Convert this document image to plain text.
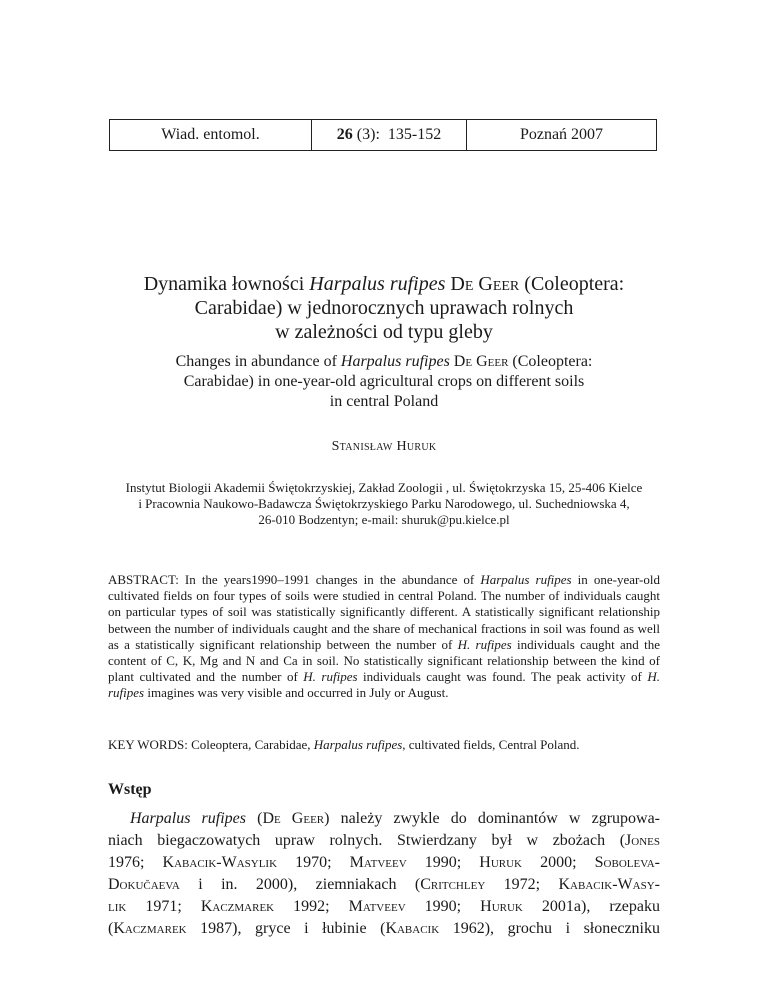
Wiad. entomol.	26 (3):  135-152	Poznań 2007
Dynamika łowności Harpalus rufipes De Geer (Coleoptera:
Carabidae) w jednorocznych uprawach rolnych
w zależności od typu gleby
Changes in abundance of Harpalus rufipes De Geer (Coleoptera:
Carabidae) in one-year-old agricultural crops on different soils
in central Poland
Stanisław Huruk
Instytut Biologii Akademii Świętokrzyskiej, Zakład Zoologii , ul. Świętokrzyska 15, 25-406 Kielce
i Pracownia Naukowo-Badawcza Świętokrzyskiego Parku Narodowego, ul. Suchedniowska 4,
26-010 Bodzentyn; e-mail: shuruk@pu.kielce.pl
ABSTRACT: In the years1990–1991 changes in the abundance of Harpalus rufipes in one-year-old cultivated fields on four types of soils were studied in central Poland. The number of individuals caught on particular types of soil was statistically significantly different. A statistically significant relationship between the number of individuals caught and the share of mechanical fractions in soil was found as well as a statistically significant relationship between the number of H. rufipes individuals caught and the content of C, K, Mg and N and Ca in soil. No statistically significant relationship between the kind of plant cultivated and the number of H. rufipes individuals caught was found. The peak activity of H. rufipes imagines was very visible and occurred in July or August.
KEY WORDS: Coleoptera, Carabidae, Harpalus rufipes, cultivated fields, Central Poland.
Wstęp
Harpalus rufipes (De Geer) należy zwykle do dominantów w zgrupowa-
niach biegaczowatych upraw rolnych. Stwierdzany był w zbożach (Jones
1976; Kabacik-Wasylik 1970; Matveev 1990; Huruk 2000; Soboleva-
Dokučaeva i in. 2000), ziemniakach (Critchley 1972; Kabacik-Wasy-
lik 1971; Kaczmarek 1992; Matveev 1990; Huruk 2001a), rzepaku
(Kaczmarek 1987), gryce i łubinie (Kabacik 1962), grochu i słoneczniku
